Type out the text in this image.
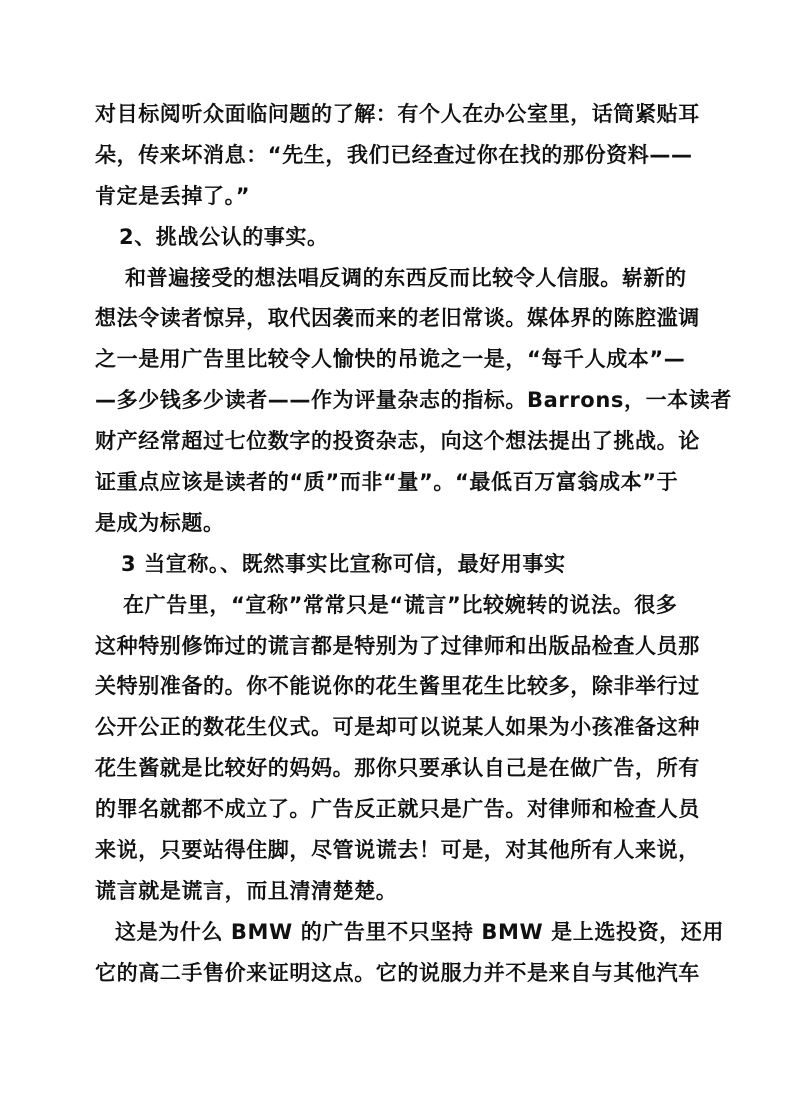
对目标阅听众面临问题的了解：有个人在办公室里，话筒紧贴耳
朵，传来坏消息：“先生，我们已经查过你在找的那份资料——
肯定是丢掉了。”
2、挑战公认的事实。
和普遍接受的想法唱反调的东西反而比较令人信服。崭新的
想法令读者惊异，取代因袭而来的老旧常谈。媒体界的陈腔滥调
之一是用广告里比较令人愉快的吊诡之一是，“每千人成本”—
—多少钱多少读者——作为评量杂志的指标。Barrons，一本读者
财产经常超过七位数字的投资杂志，向这个想法提出了挑战。论
证重点应该是读者的“质”而非“量”。“最低百万富翁成本”于
是成为标题。
3 当宣称。、既然事实比宣称可信，最好用事实
在广告里，“宣称”常常只是“谎言”比较婉转的说法。很多
这种特别修饰过的谎言都是特别为了过律师和出版品检查人员那
关特别准备的。你不能说你的花生酱里花生比较多，除非举行过
公开公正的数花生仪式。可是却可以说某人如果为小孩准备这种
花生酱就是比较好的妈妈。那你只要承认自己是在做广告，所有
的罪名就都不成立了。广告反正就只是广告。对律师和检查人员
来说，只要站得住脚，尽管说谎去！可是，对其他所有人来说，
谎言就是谎言，而且清清楚楚。
这是为什么 BMW 的广告里不只坚持 BMW 是上选投资，还用
它的高二手售价来证明这点。它的说服力并不是来自与其他汽车
